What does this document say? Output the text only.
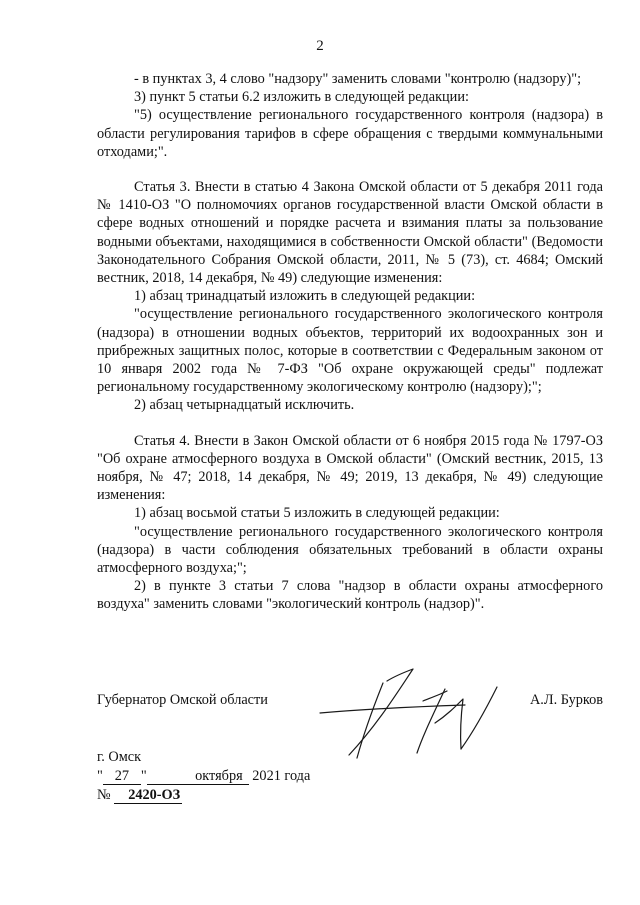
2

- в пунктах 3, 4 слово "надзору" заменить словами "контролю (надзору)";

3) пункт 5 статьи 6.2 изложить в следующей редакции:

"5) осуществление регионального государственного контроля (надзора) в области регулирования тарифов в сфере обращения с твердыми коммунальными отходами;".

Статья 3. Внести в статью 4 Закона Омской области от 5 декабря 2011 года № 1410-ОЗ "О полномочиях органов государственной власти Омской области в сфере водных отношений и порядке расчета и взимания платы за пользование водными объектами, находящимися в собственности Омской области" (Ведомости Законодательного Собрания Омской области, 2011, № 5 (73), ст. 4684; Омский вестник, 2018, 14 декабря, № 49) следующие изменения:

1) абзац тринадцатый изложить в следующей редакции:

"осуществление регионального государственного экологического контроля (надзора) в отношении водных объектов, территорий их водоохранных зон и прибрежных защитных полос, которые в соответствии с Федеральным законом от 10 января 2002 года № 7-ФЗ "Об охране окружающей среды" подлежат региональному государственному экологическому контролю (надзору);";

2) абзац четырнадцатый исключить.

Статья 4. Внести в Закон Омской области от 6 ноября 2015 года № 1797-ОЗ "Об охране атмосферного воздуха в Омской области" (Омский вестник, 2015, 13 ноября, № 47; 2018, 14 декабря, № 49; 2019, 13 декабря, № 49) следующие изменения:

1) абзац восьмой статьи 5 изложить в следующей редакции:

"осуществление регионального государственного экологического контроля (надзора) в части соблюдения обязательных требований в области охраны атмосферного воздуха;";

2) в пункте 3 статьи 7 слова "надзор в области охраны атмосферного воздуха" заменить словами "экологический контроль (надзор)".

Губернатор Омской области	А.Л. Бурков
г. Омск
" 27 "	октября 2021 года
№ 2420-ОЗ
